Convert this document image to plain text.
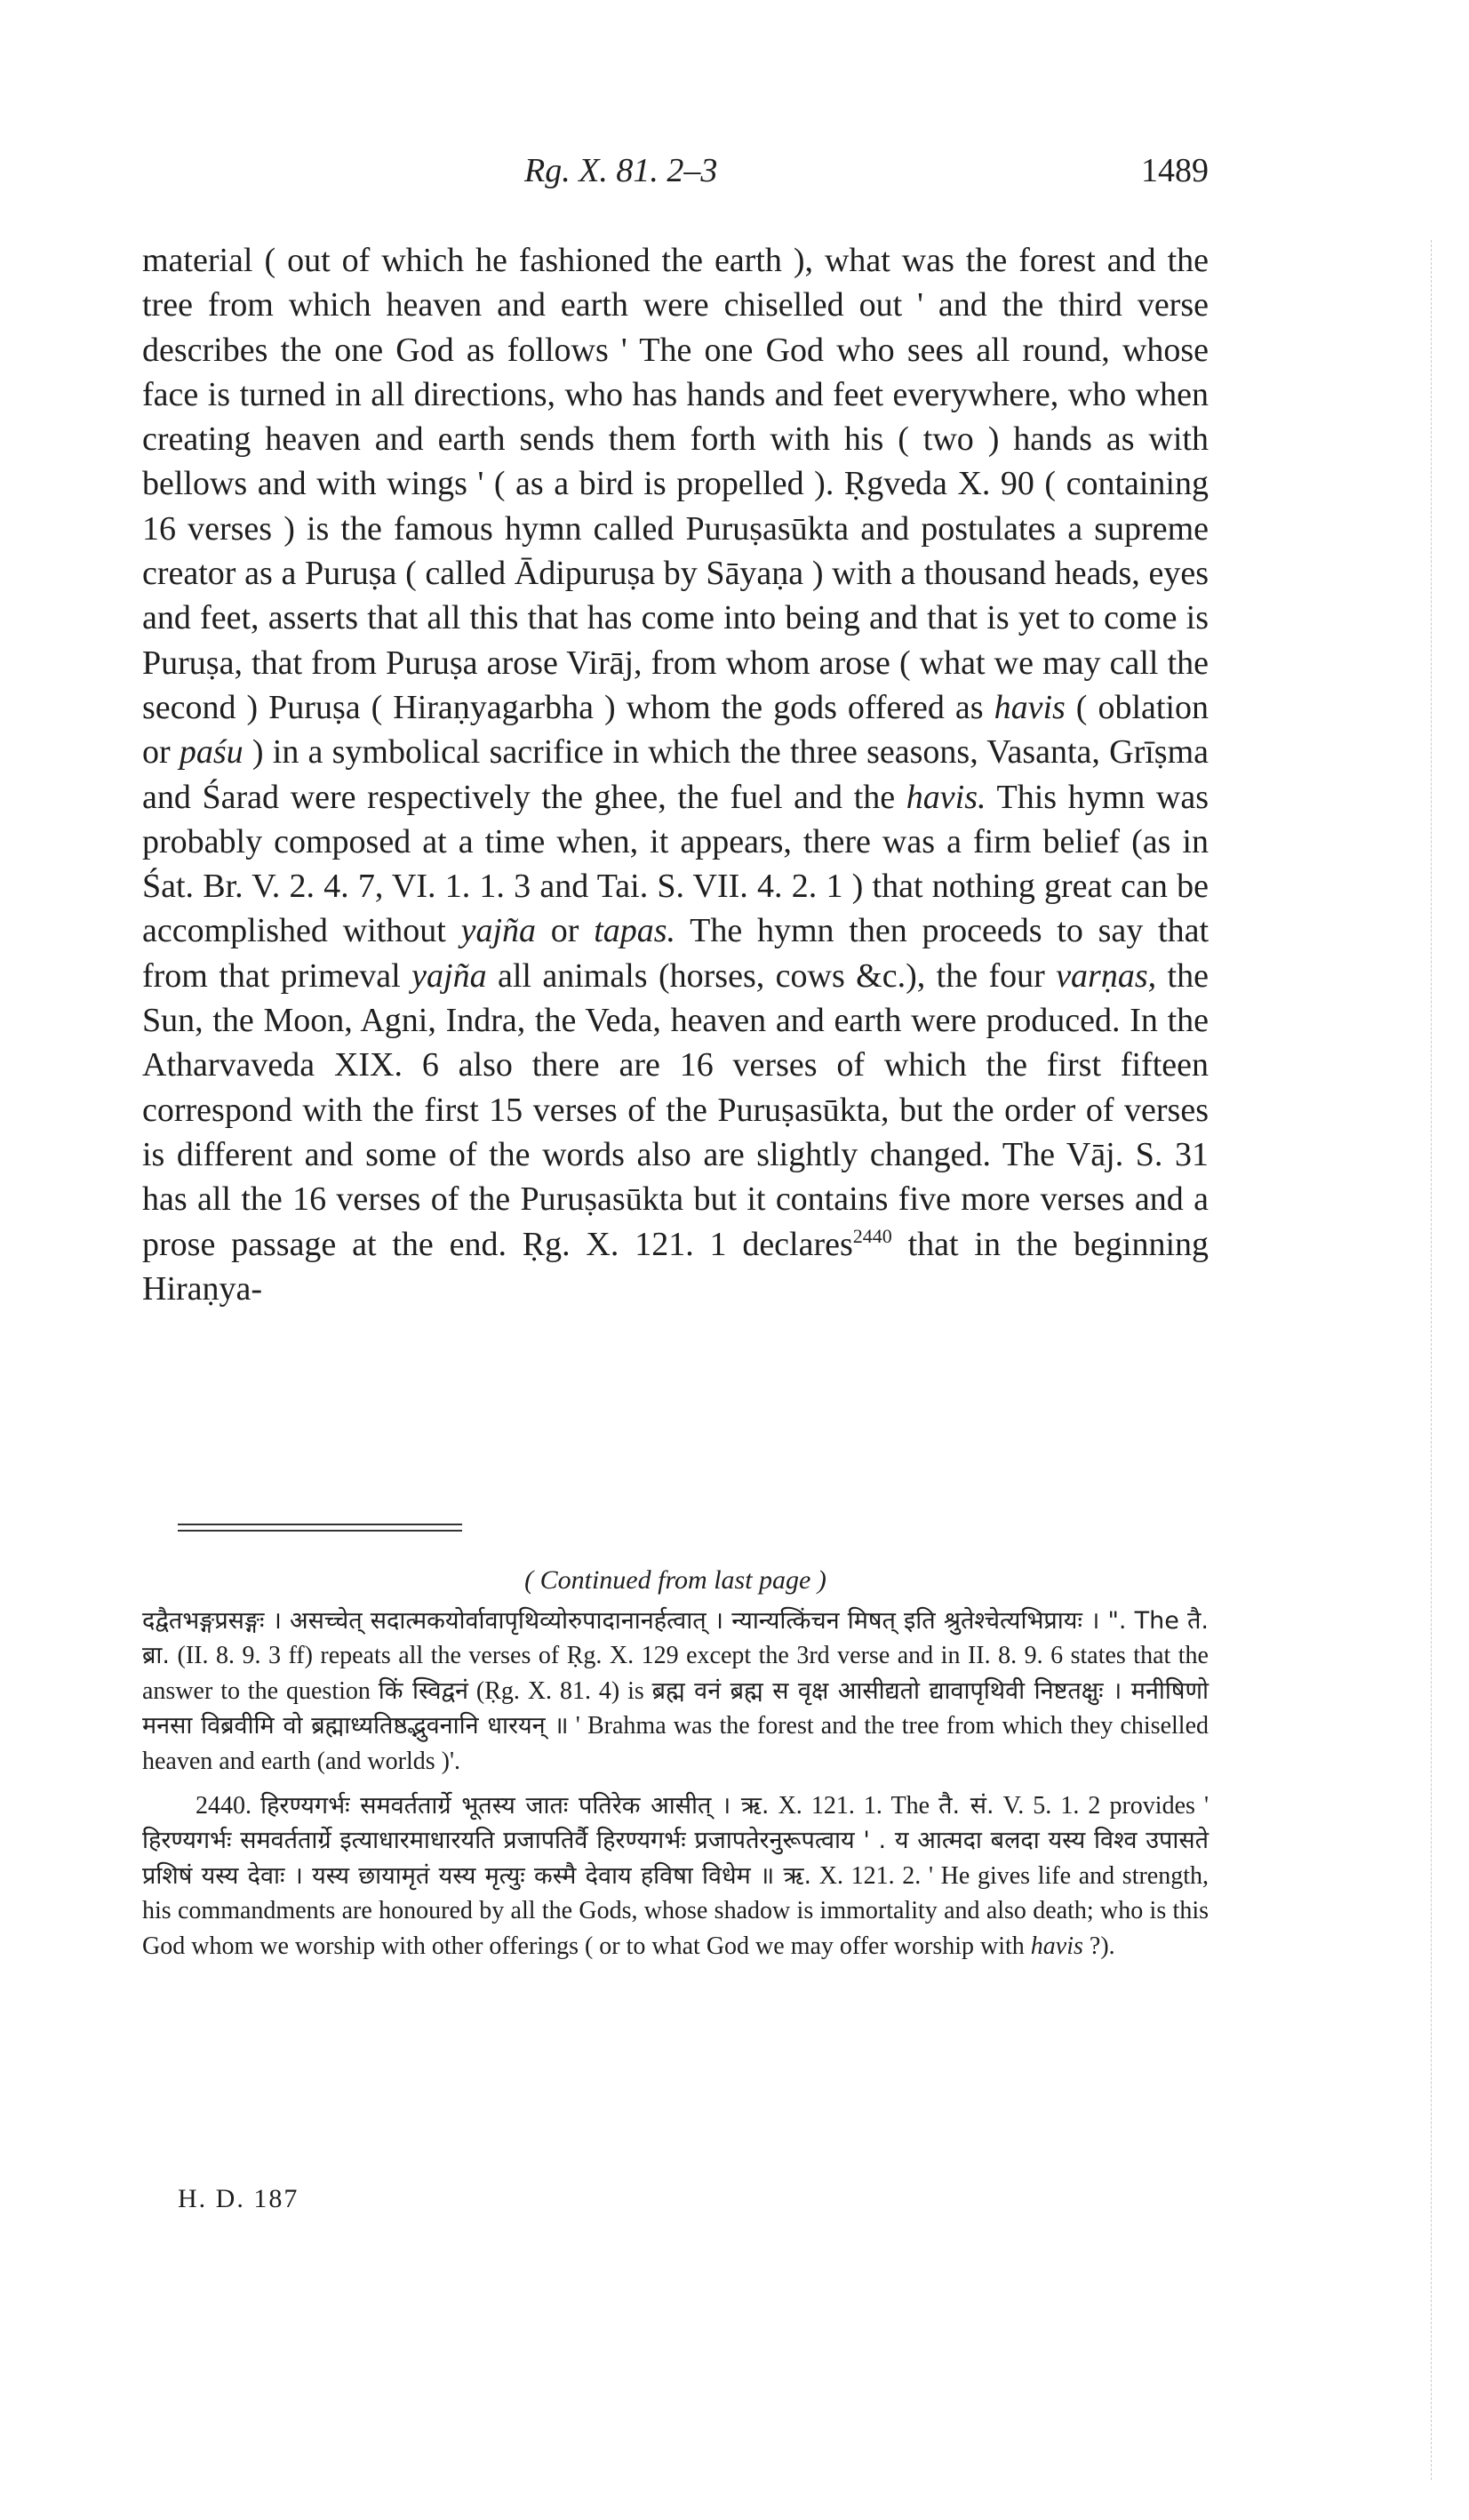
Rg. X. 81. 2–3	1489
material ( out of which he fashioned the earth ), what was the forest and the tree from which heaven and earth were chiselled out ' and the third verse describes the one God as follows ' The one God who sees all round, whose face is turned in all directions, who has hands and feet everywhere, who when creating heaven and earth sends them forth with his ( two ) hands as with bellows and with wings ' ( as a bird is propelled ). Ṛgveda X. 90 ( containing 16 verses ) is the famous hymn called Puruṣasūkta and postulates a supreme creator as a Puruṣa ( called Ādipuruṣa by Sāyaṇa ) with a thousand heads, eyes and feet, asserts that all this that has come into being and that is yet to come is Puruṣa, that from Puruṣa arose Virāj, from whom arose ( what we may call the second ) Puruṣa ( Hiraṇyagarbha ) whom the gods offered as havis ( oblation or paśu ) in a symbolical sacrifice in which the three seasons, Vasanta, Grīṣma and Śarad were respectively the ghee, the fuel and the havis. This hymn was probably composed at a time when, it appears, there was a firm belief (as in Śat. Br. V. 2. 4. 7, VI. 1. 1. 3 and Tai. S. VII. 4. 2. 1 ) that nothing great can be accomplished without yajña or tapas. The hymn then proceeds to say that from that primeval yajña all animals (horses, cows &c.), the four varṇas, the Sun, the Moon, Agni, Indra, the Veda, heaven and earth were produced. In the Atharvaveda XIX. 6 also there are 16 verses of which the first fifteen correspond with the first 15 verses of the Puruṣasūkta, but the order of verses is different and some of the words also are slightly changed. The Vāj. S. 31 has all the 16 verses of the Puruṣasūkta but it contains five more verses and a prose passage at the end. Ṛg. X. 121. 1 declares$^{2440}$ that in the beginning Hiraṇya-
( Continued from last page )

दद्वैतभङ्गप्रसङ्गः । असच्चेत् सदात्मकयोर्वावापृथिव्योरुपादानानर्हत्वात् । न्यान्यत्किंचन मिषत् इति श्रुतेश्चेत्यभिप्रायः । ". The तै. ब्रा. (II. 8. 9. 3 ff) repeats all the verses of Ṛg. X. 129 except the 3rd verse and in II. 8. 9. 6 states that the answer to the question किं स्विद्वनं (Ṛg. X. 81. 4) is ब्रह्म वनं ब्रह्म स वृक्ष आसीद्यतो द्यावापृथिवी निष्टतक्षुः । मनीषिणो मनसा विब्रवीमि वो ब्रह्माध्यतिष्ठद्भुवनानि धारयन् ॥ ' Brahma was the forest and the tree from which they chiselled heaven and earth (and worlds )'.

2440. हिरण्यगर्भः समवर्ततार्ग्रे भूतस्य जातः पतिरेक आसीत् । ऋ. X. 121. 1. The तै. सं. V. 5. 1. 2 provides ' हिरण्यगर्भः समवर्ततार्ग्रे इत्याधारमाधारयति प्रजापतिर्वै हिरण्यगर्भः प्रजापतेरनुरूपत्वाय ' . य आत्मदा बलदा यस्य विश्व उपासते प्रशिषं यस्य देवाः । यस्य छायामृतं यस्य मृत्युः कस्मै देवाय हविषा विधेम ॥ ऋ. X. 121. 2. ' He gives life and strength, his commandments are honoured by all the Gods, whose shadow is immortality and also death; who is this God whom we worship with other offerings ( or to what God we may offer worship with havis ?).

H. D. 187
